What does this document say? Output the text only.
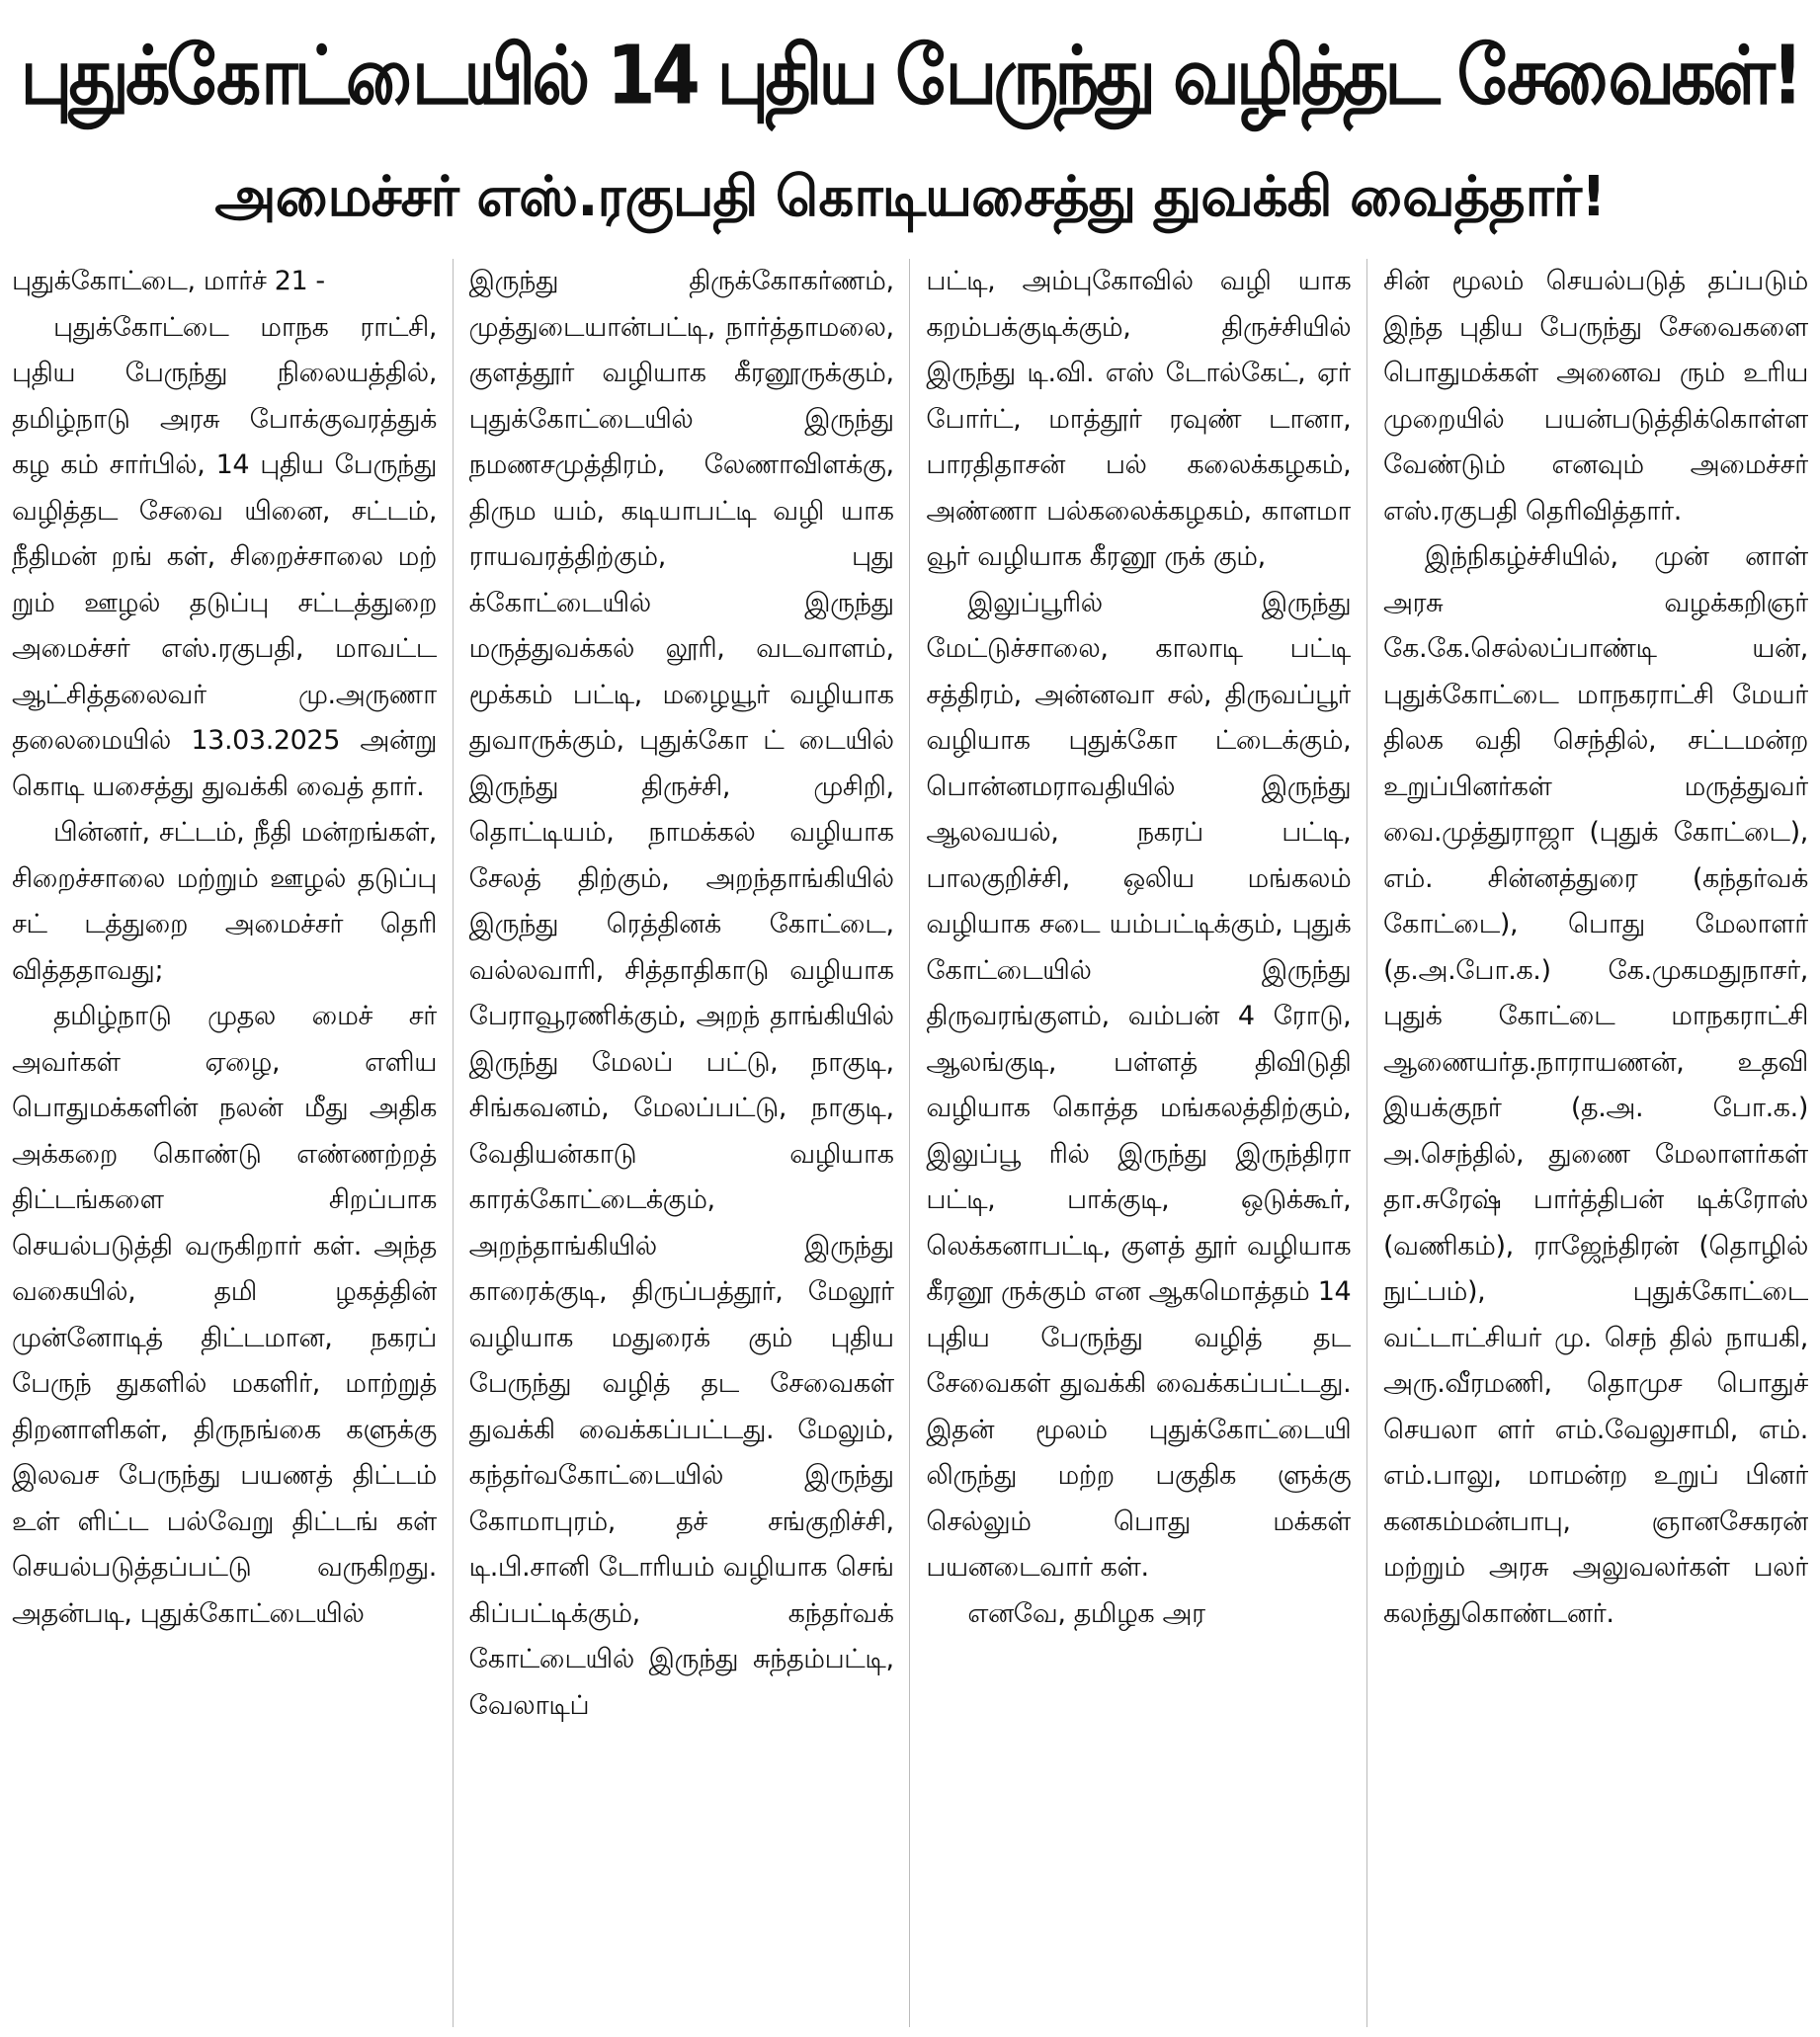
புதுக்கோட்டையில் 14 புதிய பேருந்து வழித்தட சேவைகள்!
அமைச்சர் எஸ்.ரகுபதி கொடியசைத்து துவக்கி வைத்தார்!

புதுக்கோட்டை, மார்ச் 21 -

புதுக்கோட்டை மாநக ராட்சி, புதிய பேருந்து நிலையத்தில், தமிழ்நாடு அரசு போக்குவரத்துக் கழ கம் சார்பில், 14 புதிய பேருந்து வழித்தட சேவை யினை, சட்டம், நீதிமன் றங் கள், சிறைச்சாலை மற் றும் ஊழல் தடுப்பு சட்டத்துறை அமைச்சர் எஸ்.ரகுபதி, மாவட்ட ஆட்சித்தலைவர் மு.அருணா தலைமையில் 13.03.2025 அன்று கொடி யசைத்து துவக்கி வைத் தார்.

பின்னர், சட்டம், நீதி மன்றங்கள், சிறைச்சாலை மற்றும் ஊழல் தடுப்பு சட் டத்துறை அமைச்சர் தெரி வித்ததாவது;

தமிழ்நாடு முதல மைச் சர் அவர்கள் ஏழை, எளிய பொதுமக்களின் நலன் மீது அதிக அக்கறை கொண்டு எண்ணற்றத் திட்டங்களை சிறப்பாக செயல்படுத்தி வருகிறார் கள். அந்த வகையில், தமி ழகத்தின் முன்னோடித் திட்டமான, நகரப் பேருந் துகளில் மகளிர், மாற்றுத் திறனாளிகள், திருநங்கை களுக்கு இலவச பேருந்து பயணத் திட்டம் உள் ளிட்ட பல்வேறு திட்டங் கள் செயல்படுத்தப்பட்டு வருகிறது. அதன்படி, புதுக்கோட்டையில்

இருந்து திருக்கோகர்ணம், முத்துடையான்பட்டி, நார்த்தாமலை, குளத்தூர் வழியாக கீரனூருக்கும், புதுக்கோட்டையில் இருந்து நமணசமுத்திரம், லேணாவிளக்கு, திரும யம், கடியாபட்டி வழி யாக ராயவரத்திற்கும், புது க்கோட்டையில் இருந்து மருத்துவக்கல் லூரி, வடவாளம், மூக்கம் பட்டி, மழையூர் வழியாக துவாருக்கும், புதுக்கோ ட் டையில் இருந்து திருச்சி, முசிறி, தொட்டியம், நாமக்கல் வழியாக சேலத் திற்கும், அறந்தாங்கியில் இருந்து ரெத்தினக் கோட்டை, வல்லவாரி, சித்தாதிகாடு வழியாக பேராவூரணிக்கும், அறந் தாங்கியில் இருந்து மேலப் பட்டு, நாகுடி, சிங்கவனம், மேலப்பட்டு, நாகுடி, வேதியன்காடு வழியாக காரக்கோட்டைக்கும், அறந்தாங்கியில் இருந்து காரைக்குடி, திருப்பத்தூர், மேலூர் வழியாக மதுரைக் கும் புதிய பேருந்து வழித் தட சேவைகள் துவக்கி வைக்கப்பட்டது. மேலும், கந்தர்வகோட்டையில் இருந்து கோமாபுரம், தச் சங்குறிச்சி, டி.பி.சானி டோரியம் வழியாக செங் கிப்பட்டிக்கும், கந்தர்வக் கோட்டையில் இருந்து சுந்தம்பட்டி, வேலாடிப்

பட்டி, அம்புகோவில் வழி யாக கறம்பக்குடிக்கும், திருச்சியில் இருந்து டி.வி. எஸ் டோல்கேட், ஏர் போர்ட், மாத்தூர் ரவுண் டானா, பாரதிதாசன் பல் கலைக்கழகம், அண்ணா பல்கலைக்கழகம், காளமா வூர் வழியாக கீரனூ ருக் கும்,

இலுப்பூரில் இருந்து மேட்டுச்சாலை, காலாடி பட்டி சத்திரம், அன்னவா சல், திருவப்பூர் வழியாக புதுக்கோ ட்டைக்கும், பொன்னமராவதியில் இருந்து ஆலவயல், நகரப் பட்டி, பாலகுறிச்சி, ஒலிய மங்கலம் வழியாக சடை யம்பட்டிக்கும், புதுக் கோட்டையில் இருந்து திருவரங்குளம், வம்பன் 4 ரோடு, ஆலங்குடி, பள்ளத் திவிடுதி வழியாக கொத்த மங்கலத்திற்கும், இலுப்பூ ரில் இருந்து இருந்திரா பட்டி, பாக்குடி, ஒடுக்கூர், லெக்கனாபட்டி, குளத் தூர் வழியாக கீரனூ ருக்கும் என ஆகமொத்தம் 14 புதிய பேருந்து வழித் தட சேவைகள் துவக்கி வைக்கப்பட்டது. இதன் மூலம் புதுக்கோட்டையி லிருந்து மற்ற பகுதிக ளுக்கு செல்லும் பொது மக்கள் பயனடைவார் கள்.

எனவே, தமிழக அர

சின் மூலம் செயல்படுத் தப்படும் இந்த புதிய பேருந்து சேவைகளை பொதுமக்கள் அனைவ ரும் உரிய முறையில் பயன்படுத்திக்கொள்ள வேண்டும் எனவும் அமைச்சர் எஸ்.ரகுபதி தெரிவித்தார்.

இந்நிகழ்ச்சியில், முன் னாள் அரசு வழக்கறிஞர் கே.கே.செல்லப்பாண்டி யன், புதுக்கோட்டை மாநகராட்சி மேயர் திலக வதி செந்தில், சட்டமன்ற உறுப்பினர்கள் மருத்துவர் வை.முத்துராஜா (புதுக் கோட்டை), எம். சின்னத்துரை (கந்தர்வக் கோட்டை), பொது மேலாளர் (த.அ.போ.க.) கே.முகமதுநாசர், புதுக் கோட்டை மாநகராட்சி ஆணையர்த.நாராயணன், உதவி இயக்குநர் (த.அ. போ.க.) அ.செந்தில், துணை மேலாளர்கள் தா.சுரேஷ் பார்த்திபன் டிக்ரோஸ் (வணிகம்), ராஜேந்திரன் (தொழில் நுட்பம்), புதுக்கோட்டை வட்டாட்சியர் மு. செந் தில் நாயகி, அரு.வீரமணி, தொமுச பொதுச் செயலா ளர் எம்.வேலுசாமி, எம். எம்.பாலு, மாமன்ற உறுப் பினர் கனகம்மன்பாபு, ஞானசேகரன் மற்றும் அரசு அலுவலர்கள் பலர் கலந்துகொண்டனர்.
